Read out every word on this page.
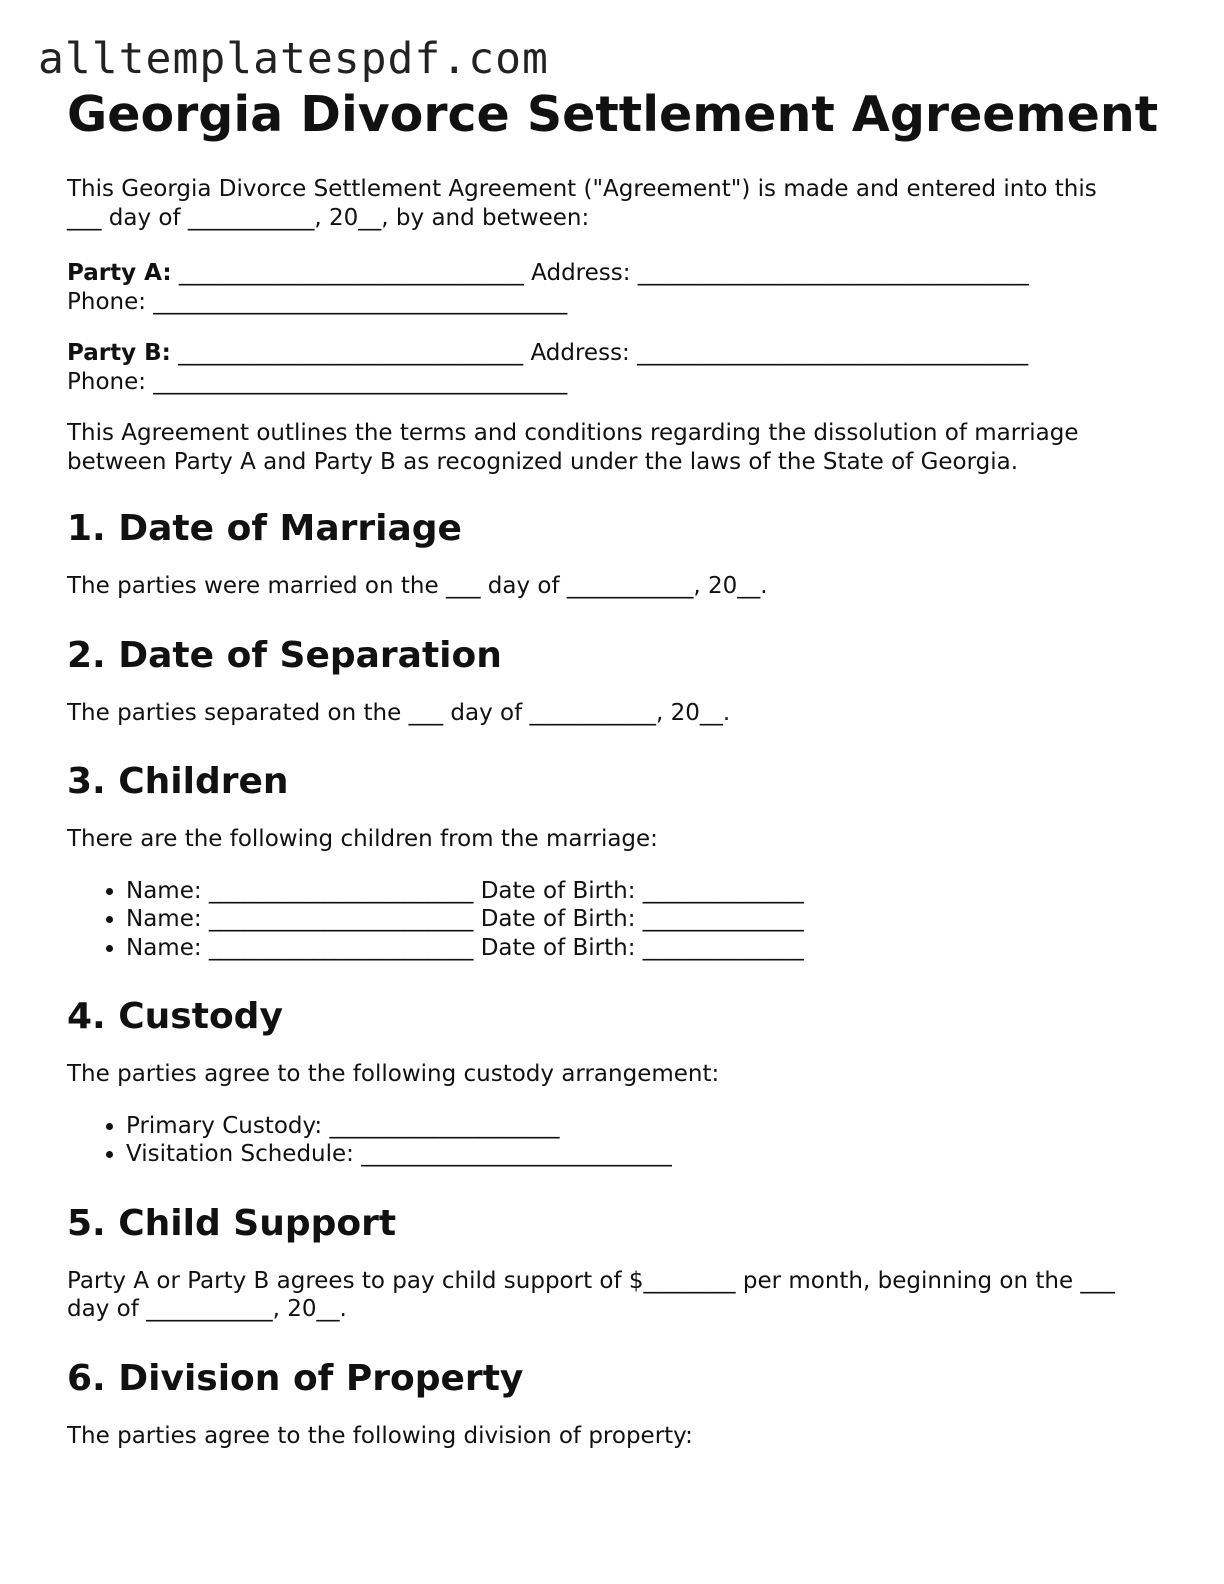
alltemplatespdf.com
Georgia Divorce Settlement Agreement

This Georgia Divorce Settlement Agreement ("Agreement") is made and entered into this
___ day of ___________, 20__, by and between:

Party A: ______________________________ Address: __________________________________
Phone: ____________________________________

Party B: ______________________________ Address: __________________________________
Phone: ____________________________________

This Agreement outlines the terms and conditions regarding the dissolution of marriage
between Party A and Party B as recognized under the laws of the State of Georgia.

1. Date of Marriage

The parties were married on the ___ day of ___________, 20__.

2. Date of Separation

The parties separated on the ___ day of ___________, 20__.

3. Children

There are the following children from the marriage:

• Name: _______________________ Date of Birth: ______________
• Name: _______________________ Date of Birth: ______________
• Name: _______________________ Date of Birth: ______________
4. Custody

The parties agree to the following custody arrangement:

• Primary Custody: ____________________
• Visitation Schedule: ___________________________
5. Child Support

Party A or Party B agrees to pay child support of $________ per month, beginning on the ___
day of ___________, 20__.

6. Division of Property

The parties agree to the following division of property:
